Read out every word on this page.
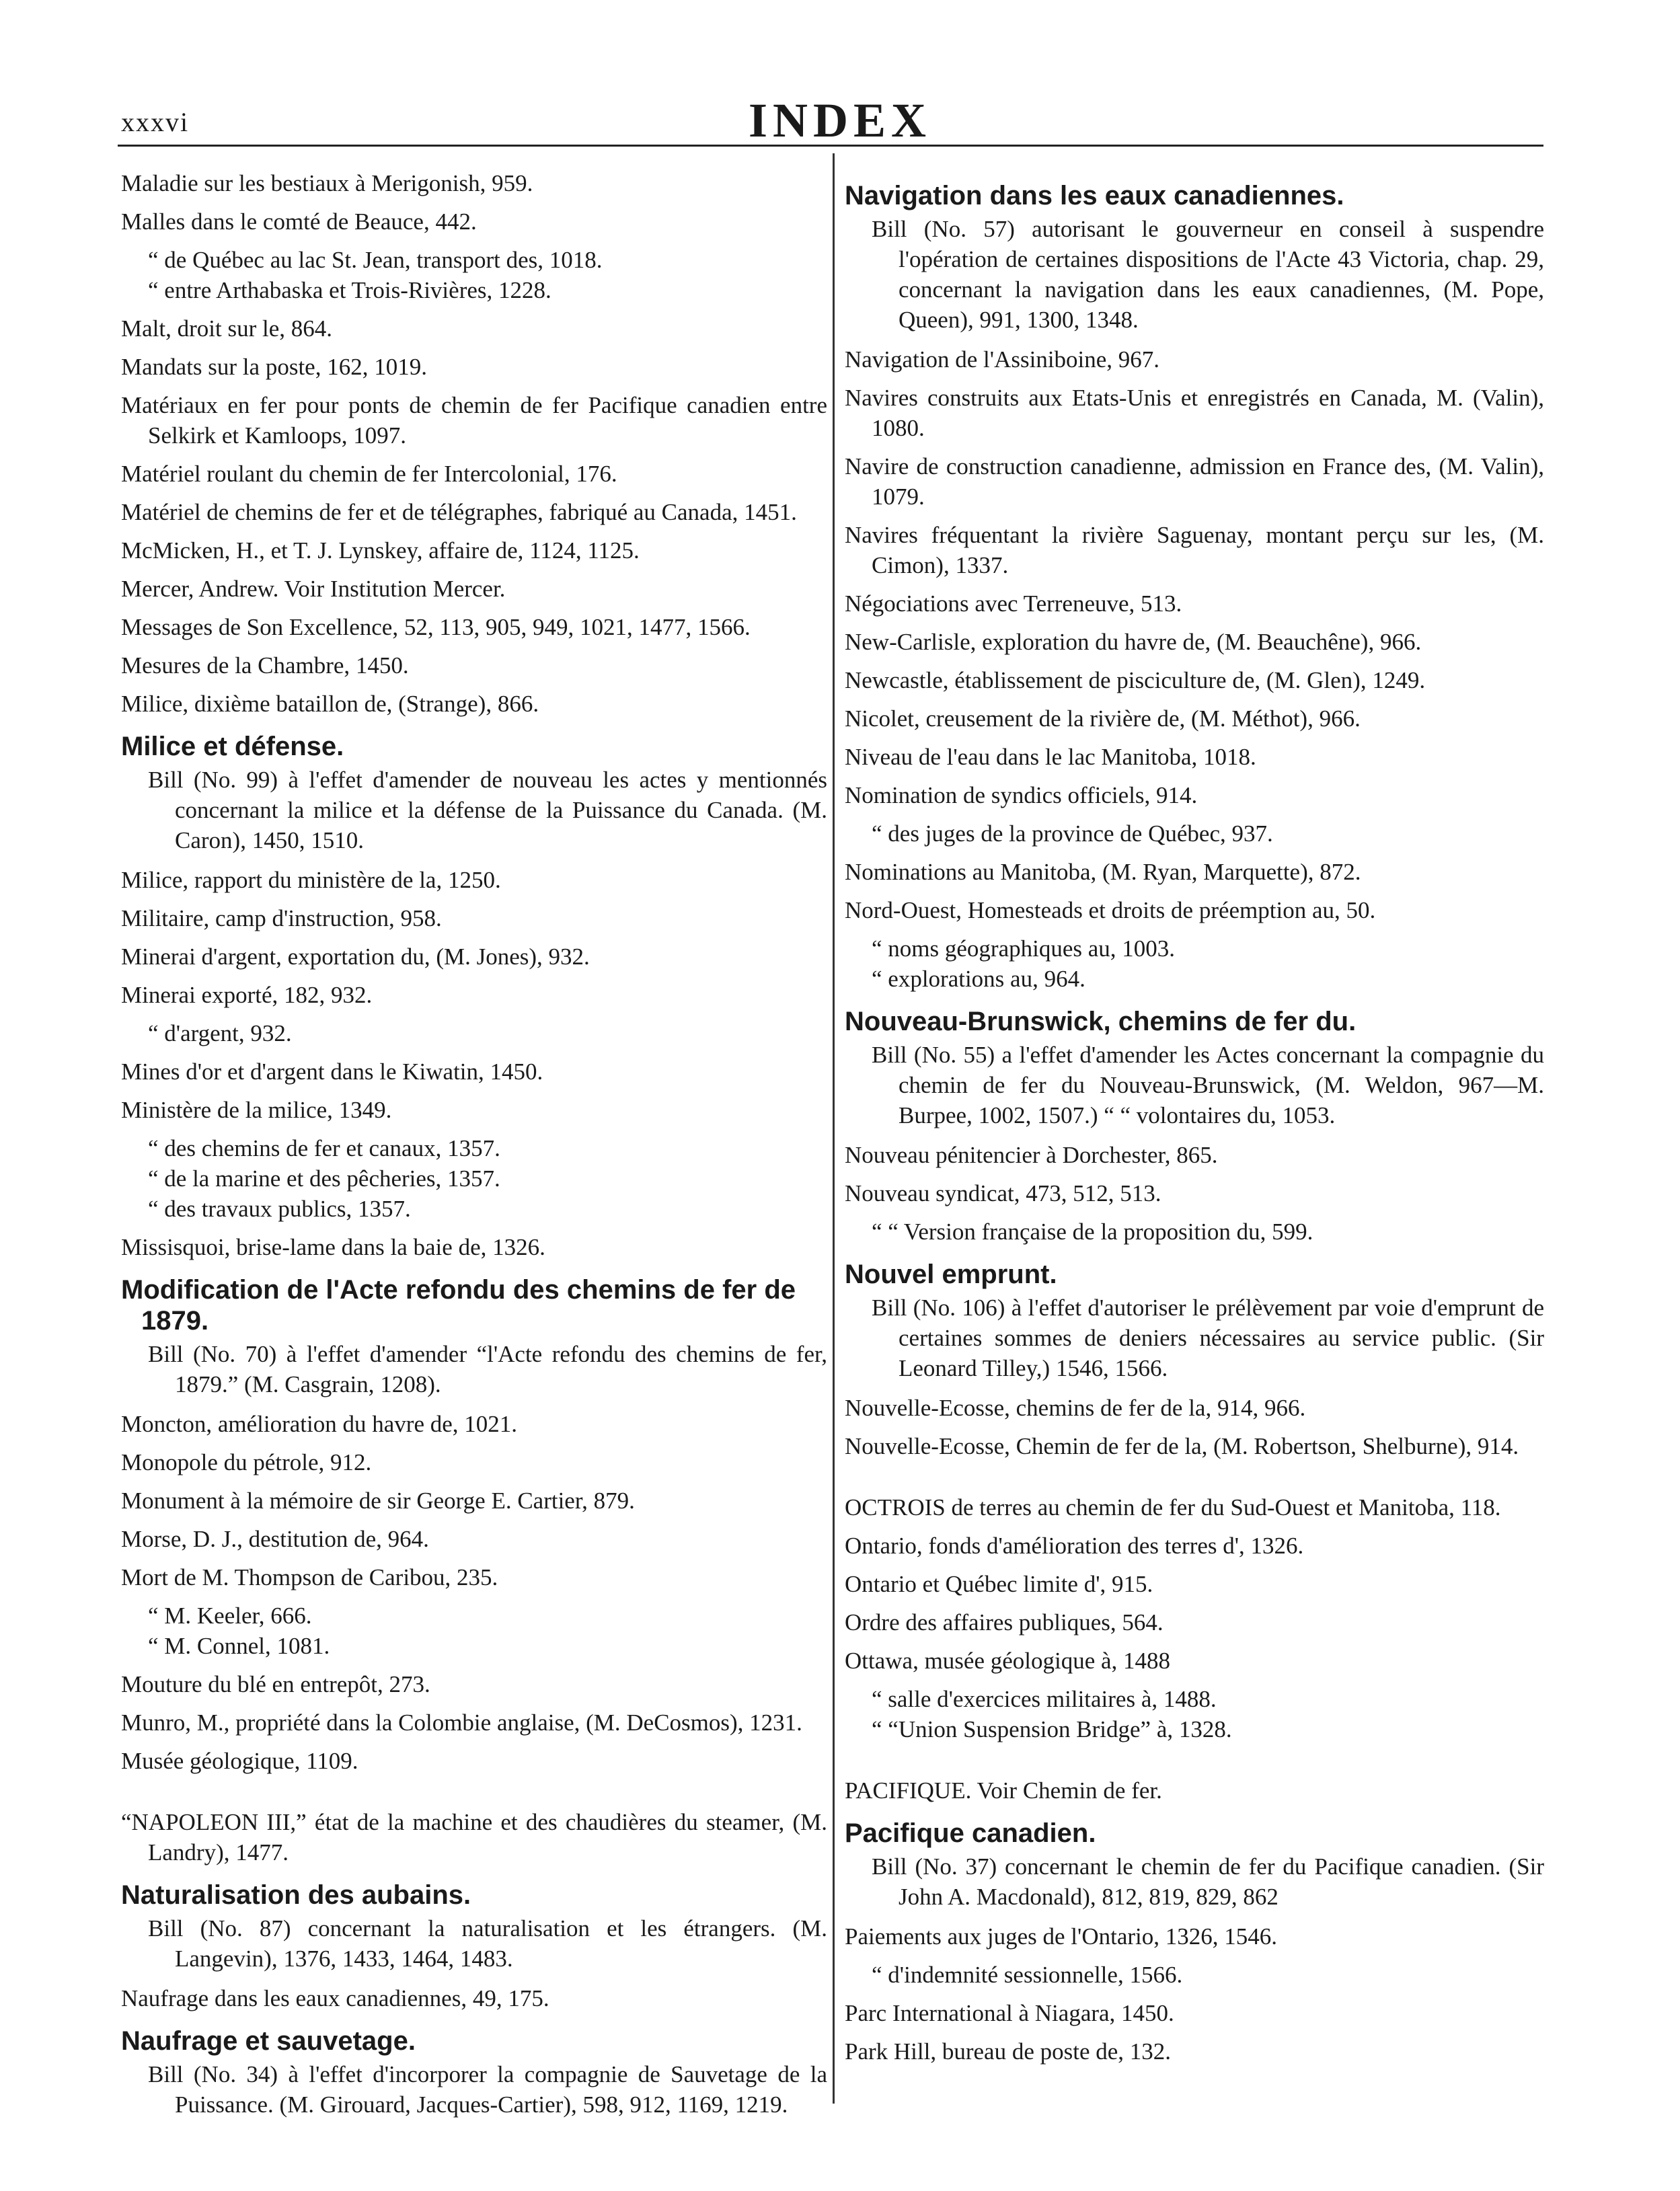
xxxvi	INDEX
Maladie sur les bestiaux à Merigonish, 959.
Malles dans le comté de Beauce, 442.
“ de Québec au lac St. Jean, transport des, 1018.
“ entre Arthabaska et Trois-Rivières, 1228.
Malt, droit sur le, 864.
Mandats sur la poste, 162, 1019.
Matériaux en fer pour ponts de chemin de fer Pacifique canadien entre Selkirk et Kamloops, 1097.
Matériel roulant du chemin de fer Intercolonial, 176.
Matériel de chemins de fer et de télégraphes, fabriqué au Canada, 1451.
McMicken, H., et T. J. Lynskey, affaire de, 1124, 1125.
Mercer, Andrew. Voir Institution Mercer.
Messages de Son Excellence, 52, 113, 905, 949, 1021, 1477, 1566.
Mesures de la Chambre, 1450.
Milice, dixième bataillon de, (Strange), 866.
Milice et défense.
Bill (No. 99) à l'effet d'amender de nouveau les actes y mentionnés concernant la milice et la défense de la Puissance du Canada. (M. Caron), 1450, 1510.
Milice, rapport du ministère de la, 1250.
Militaire, camp d'instruction, 958.
Minerai d'argent, exportation du, (M. Jones), 932.
Minerai exporté, 182, 932.
“ d'argent, 932.
Mines d'or et d'argent dans le Kiwatin, 1450.
Ministère de la milice, 1349.
“ des chemins de fer et canaux, 1357.
“ de la marine et des pêcheries, 1357.
“ des travaux publics, 1357.
Missisquoi, brise-lame dans la baie de, 1326.
Modification de l'Acte refondu des chemins de fer de 1879.
Bill (No. 70) à l'effet d'amender “l'Acte refondu des chemins de fer, 1879.” (M. Casgrain, 1208).
Moncton, amélioration du havre de, 1021.
Monopole du pétrole, 912.
Monument à la mémoire de sir George E. Cartier, 879.
Morse, D. J., destitution de, 964.
Mort de M. Thompson de Caribou, 235.
“ M. Keeler, 666.
“ M. Connel, 1081.
Mouture du blé en entrepôt, 273.
Munro, M., propriété dans la Colombie anglaise, (M. DeCosmos), 1231.
Musée géologique, 1109.
“NAPOLEON III,” état de la machine et des chaudières du steamer, (M. Landry), 1477.
Naturalisation des aubains.
Bill (No. 87) concernant la naturalisation et les étrangers. (M. Langevin), 1376, 1433, 1464, 1483.
Naufrage dans les eaux canadiennes, 49, 175.
Naufrage et sauvetage.
Bill (No. 34) à l'effet d'incorporer la compagnie de Sauvetage de la Puissance. (M. Girouard, Jacques-Cartier), 598, 912, 1169, 1219.
Navigation dans les eaux canadiennes.
Bill (No. 57) autorisant le gouverneur en conseil à suspendre l'opération de certaines dispositions de l'Acte 43 Victoria, chap. 29, concernant la navigation dans les eaux canadiennes, (M. Pope, Queen), 991, 1300, 1348.
Navigation de l'Assiniboine, 967.
Navires construits aux Etats-Unis et enregistrés en Canada, M. (Valin), 1080.
Navire de construction canadienne, admission en France des, (M. Valin), 1079.
Navires fréquentant la rivière Saguenay, montant perçu sur les, (M. Cimon), 1337.
Négociations avec Terreneuve, 513.
New-Carlisle, exploration du havre de, (M. Beauchêne), 966.
Newcastle, établissement de pisciculture de, (M. Glen), 1249.
Nicolet, creusement de la rivière de, (M. Méthot), 966.
Niveau de l'eau dans le lac Manitoba, 1018.
Nomination de syndics officiels, 914.
“ des juges de la province de Québec, 937.
Nominations au Manitoba, (M. Ryan, Marquette), 872.
Nord-Ouest, Homesteads et droits de préemption au, 50.
“ noms géographiques au, 1003.
“ explorations au, 964.
Nouveau-Brunswick, chemins de fer du.
Bill (No. 55) a l'effet d'amender les Actes concernant la compagnie du chemin de fer du Nouveau-Brunswick, (M. Weldon, 967—M. Burpee, 1002, 1507.) “ “ volontaires du, 1053.
Nouveau pénitencier à Dorchester, 865.
Nouveau syndicat, 473, 512, 513.
“ “ Version française de la proposition du, 599.
Nouvel emprunt.
Bill (No. 106) à l'effet d'autoriser le prélèvement par voie d'emprunt de certaines sommes de deniers nécessaires au service public. (Sir Leonard Tilley,) 1546, 1566.
Nouvelle-Ecosse, chemins de fer de la, 914, 966.
Nouvelle-Ecosse, Chemin de fer de la, (M. Robertson, Shelburne), 914.
OCTROIS de terres au chemin de fer du Sud-Ouest et Manitoba, 118.
Ontario, fonds d'amélioration des terres d', 1326.
Ontario et Québec limite d', 915.
Ordre des affaires publiques, 564.
Ottawa, musée géologique à, 1488
“ salle d'exercices militaires à, 1488.
“ “Union Suspension Bridge” à, 1328.
PACIFIQUE. Voir Chemin de fer.
Pacifique canadien.
Bill (No. 37) concernant le chemin de fer du Pacifique canadien. (Sir John A. Macdonald), 812, 819, 829, 862
Paiements aux juges de l'Ontario, 1326, 1546.
“ d'indemnité sessionnelle, 1566.
Parc International à Niagara, 1450.
Park Hill, bureau de poste de, 132.
